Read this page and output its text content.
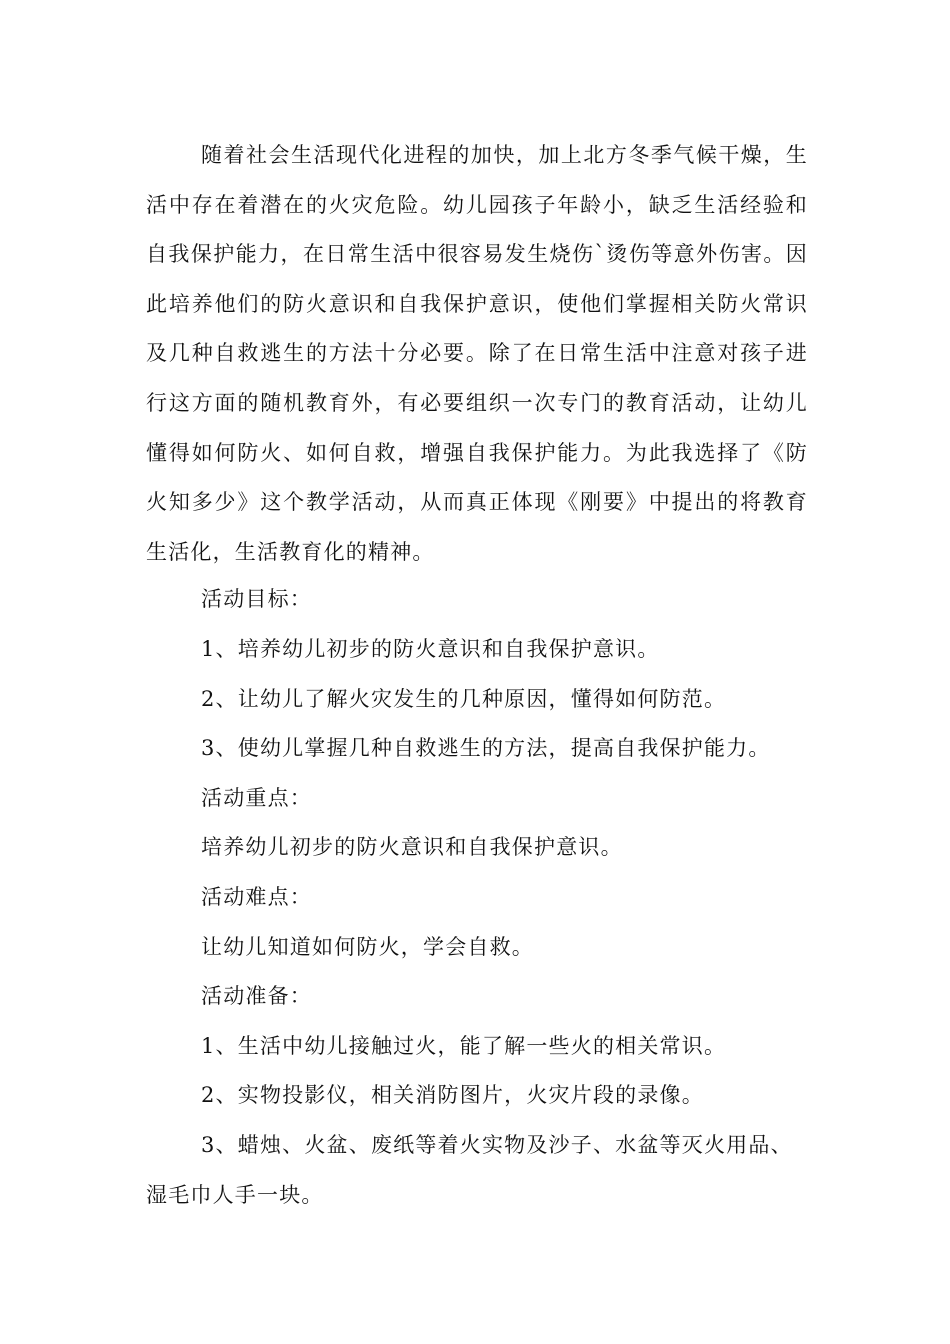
随着社会生活现代化进程的加快，加上北方冬季气候干燥，生活中存在着潜在的火灾危险。幼儿园孩子年龄小，缺乏生活经验和自我保护能力，在日常生活中很容易发生烧伤`烫伤等意外伤害。因此培养他们的防火意识和自我保护意识，使他们掌握相关防火常识及几种自救逃生的方法十分必要。除了在日常生活中注意对孩子进行这方面的随机教育外，有必要组织一次专门的教育活动，让幼儿懂得如何防火、如何自救，增强自我保护能力。为此我选择了《防火知多少》这个教学活动，从而真正体现《刚要》中提出的将教育生活化，生活教育化的精神。

活动目标：

1、培养幼儿初步的防火意识和自我保护意识。

2、让幼儿了解火灾发生的几种原因，懂得如何防范。

3、使幼儿掌握几种自救逃生的方法，提高自我保护能力。

活动重点：

培养幼儿初步的防火意识和自我保护意识。

活动难点：

让幼儿知道如何防火，学会自救。

活动准备：

1、生活中幼儿接触过火，能了解一些火的相关常识。

2、实物投影仪，相关消防图片，火灾片段的录像。

3、蜡烛、火盆、废纸等着火实物及沙子、水盆等灭火用品、

湿毛巾人手一块。
